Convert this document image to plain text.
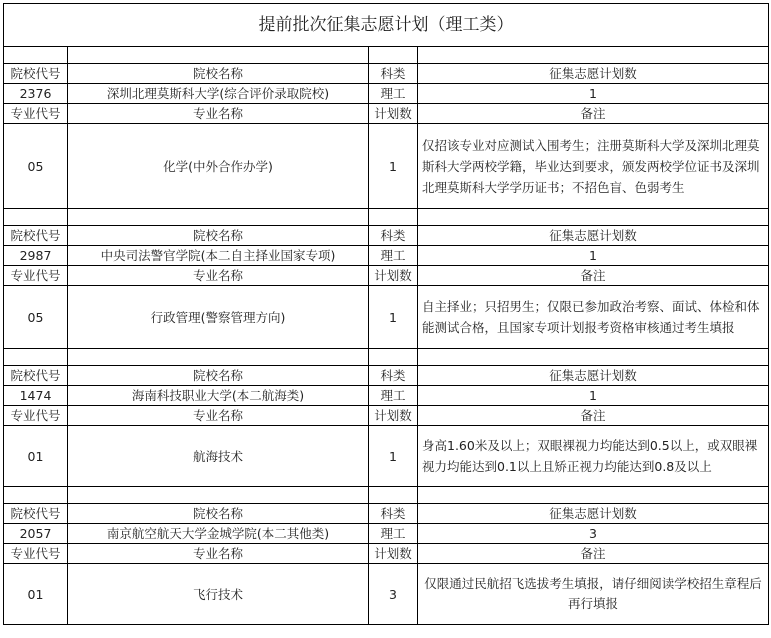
提前批次征集志愿计划（理工类）			

院校代号	院校名称	科类	征集志愿计划数
2376	深圳北理莫斯科大学(综合评价录取院校)	理工	1
专业代号	专业名称	计划数	备注
05	化学(中外合作办学)	1	仅招该专业对应测试入围考生；注册莫斯科大学及深圳北理莫斯科大学两校学籍，毕业达到要求，颁发两校学位证书及深圳北理莫斯科大学学历证书；不招色盲、色弱考生

院校代号	院校名称	科类	征集志愿计划数
2987	中央司法警官学院(本二自主择业国家专项)	理工	1
专业代号	专业名称	计划数	备注
05	行政管理(警察管理方向)	1	自主择业；只招男生；仅限已参加政治考察、面试、体检和体能测试合格，且国家专项计划报考资格审核通过考生填报

院校代号	院校名称	科类	征集志愿计划数
1474	海南科技职业大学(本二航海类)	理工	1
专业代号	专业名称	计划数	备注
01	航海技术	1	身高1.60米及以上；双眼裸视力均能达到0.5以上，或双眼裸视力均能达到0.1以上且矫正视力均能达到0.8及以上

院校代号	院校名称	科类	征集志愿计划数
2057	南京航空航天大学金城学院(本二其他类)	理工	3
专业代号	专业名称	计划数	备注
01	飞行技术	3	仅限通过民航招飞选拔考生填报，请仔细阅读学校招生章程后再行填报
